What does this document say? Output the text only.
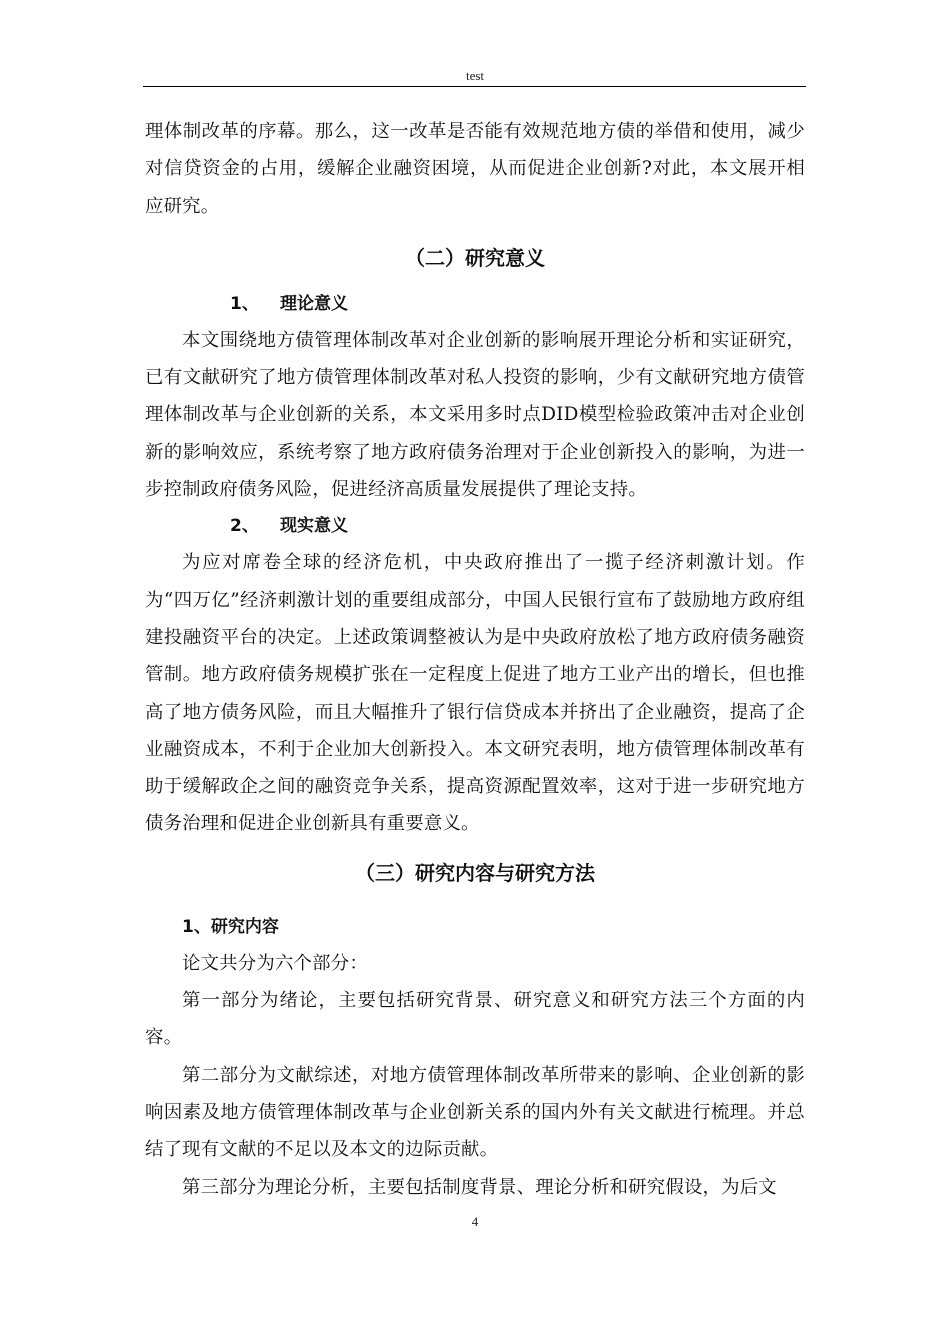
test

理体制改革的序幕。那么，这一改革是否能有效规范地方债的举借和使用，减少对信贷资金的占用，缓解企业融资困境，从而促进企业创新?对此，本文展开相应研究。

（二）研究意义
1、 理论意义

本文围绕地方债管理体制改革对企业创新的影响展开理论分析和实证研究，已有文献研究了地方债管理体制改革对私人投资的影响，少有文献研究地方债管理体制改革与企业创新的关系，本文采用多时点DID模型检验政策冲击对企业创新的影响效应，系统考察了地方政府债务治理对于企业创新投入的影响，为进一步控制政府债务风险，促进经济高质量发展提供了理论支持。

2、 现实意义

为应对席卷全球的经济危机，中央政府推出了一揽子经济刺激计划。作为“四万亿”经济刺激计划的重要组成部分，中国人民银行宣布了鼓励地方政府组建投融资平台的决定。上述政策调整被认为是中央政府放松了地方政府债务融资管制。地方政府债务规模扩张在一定程度上促进了地方工业产出的增长，但也推高了地方债务风险，而且大幅推升了银行信贷成本并挤出了企业融资，提高了企业融资成本，不利于企业加大创新投入。本文研究表明，地方债管理体制改革有助于缓解政企之间的融资竞争关系，提高资源配置效率，这对于进一步研究地方债务治理和促进企业创新具有重要意义。

（三）研究内容与研究方法
1、研究内容

论文共分为六个部分：

第一部分为绪论，主要包括研究背景、研究意义和研究方法三个方面的内容。

第二部分为文献综述，对地方债管理体制改革所带来的影响、企业创新的影响因素及地方债管理体制改革与企业创新关系的国内外有关文献进行梳理。并总结了现有文献的不足以及本文的边际贡献。

第三部分为理论分析，主要包括制度背景、理论分析和研究假设，为后文

4
